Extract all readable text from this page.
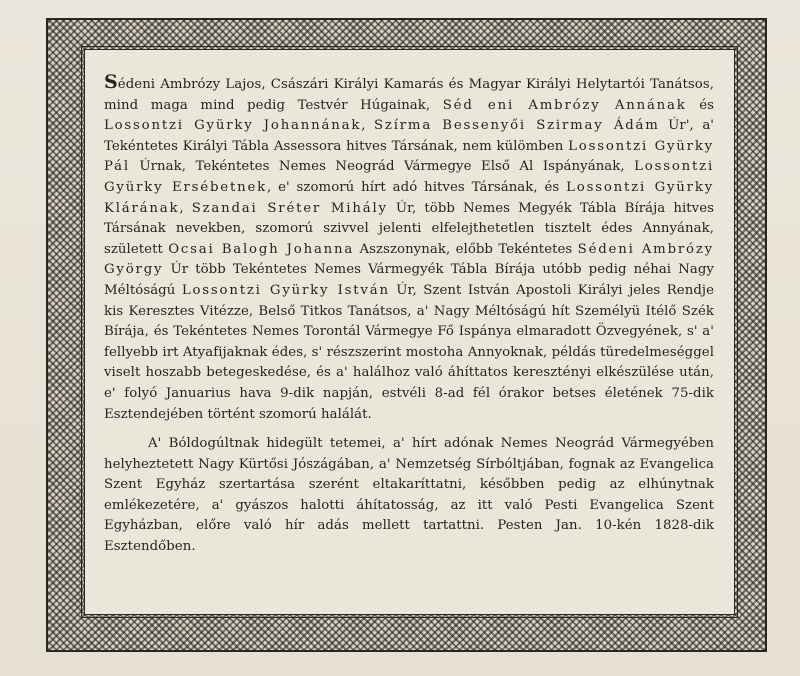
Sédeni Ambrózy Lajos, Császári Királyi Kamarás és Magyar Királyi Helytartói Tanátsos, mind maga mind pedig Testvér Húgainak, Séd eni Ambrózy Annának és Lossontzi Gyürky Johannának, Szírma Bessenyői Szirmay Ádám Úr', a' Tekéntetes Királyi Tábla Assessora hitves Társának, nem külömben Lossontzi Gyürky Pál Úrnak, Tekéntetes Nemes Neográd Vármegye Első Al Ispányának, Lossontzi Gyürky Ersébetnek, e' szomorú hírt adó hitves Társának, és Lossontzi Gyürky Klárának, Szandai Sréter Mihály Úr, több Nemes Megyék Tábla Bírája hitves Társának nevekben, szomorú szivvel jelenti elfelejthetetlen tisztelt édes Annyának, született Ocsai Balogh Johanna Aszszonynak, előbb Tekéntetes Sédeni Ambrózy György Úr több Tekéntetes Nemes Vármegyék Tábla Bírája utóbb pedig néhai Nagy Méltóságú Lossontzi Gyürky István Úr, Szent István Apostoli Királyi jeles Rendje kis Keresztes Vitézze, Belső Titkos Tanátsos, a' Nagy Méltóságú hít Személyü Itélő Szék Bírája, és Tekéntetes Nemes Torontál Vármegye Fő Ispánya elmaradott Özvegyének, s' a' fellyebb irt Atyafijaknak édes, s' részszerint mostoha Annyoknak, példás türedelmeséggel viselt hoszabb betegeskedése, és a' halálhoz való áhíttatos keresztényi elkészülése után, e' folyó Januarius hava 9-dik napján, estvéli 8-ad fél órakor betses életének 75-dik Esztendejében történt szomorú halálát.

A' Bóldogúltnak hidegült tetemei, a' hírt adónak Nemes Neográd Vármegyében helyheztetett Nagy Kürtősi Jószágában, a' Nemzetség Sírbóltjában, fognak az Evangelica Szent Egyház szertartása szerént eltakaríttatni, későbben pedig az elhúnytnak emlékezetére, a' gyászos halotti áhítatosság, az itt való Pesti Evangelica Szent Egyházban, előre való hír adás mellett tartattni. Pesten Jan. 10-kén 1828-dik Esztendőben.
